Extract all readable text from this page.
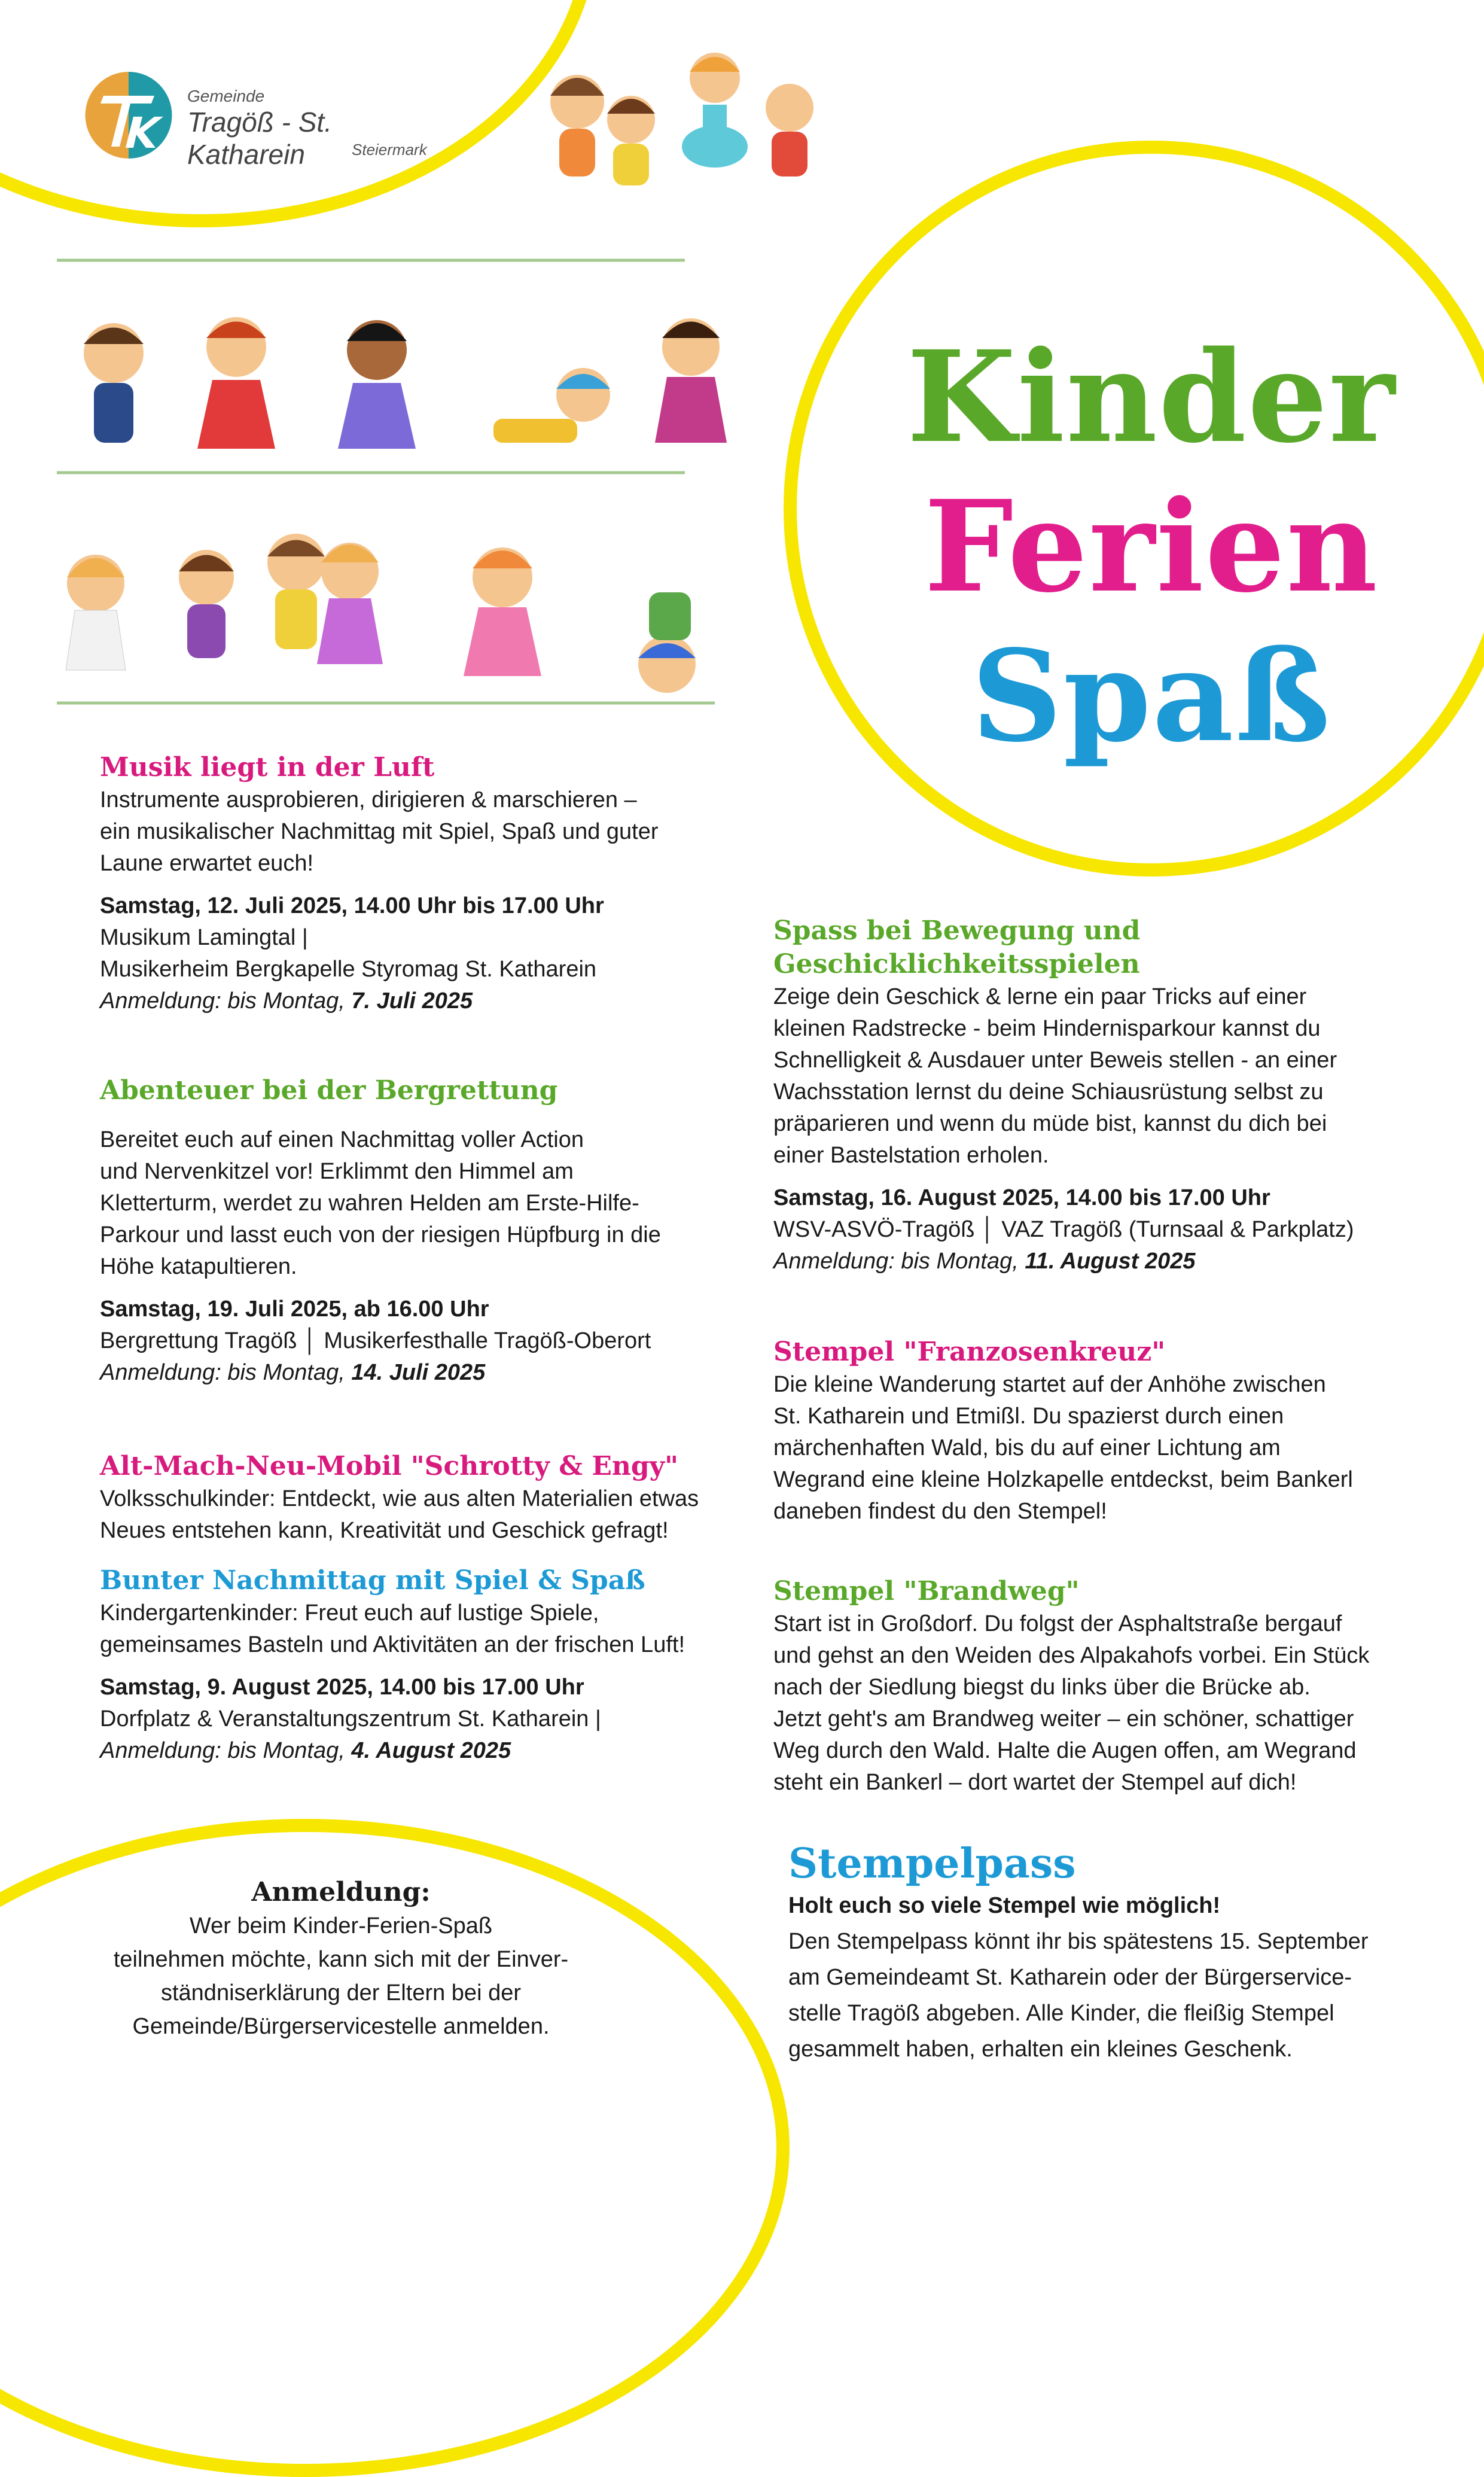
Gemeinde
Tragöß - St. Katharein	Steiermark
Kinder
Ferien
Spaß
Musik liegt in der Luft
Instrumente ausprobieren, dirigieren & marschieren –
ein musikalischer Nachmittag mit Spiel, Spaß und guter
Laune erwartet euch!
Samstag, 12. Juli 2025, 14.00 Uhr bis 17.00 Uhr
Musikum Lamingtal |
Musikerheim Bergkapelle Styromag St. Katharein
Anmeldung: bis Montag, 7. Juli 2025
Abenteuer bei der Bergrettung
Bereitet euch auf einen Nachmittag voller Action
und Nervenkitzel vor! Erklimmt den Himmel am
Kletterturm, werdet zu wahren Helden am Erste-Hilfe-
Parkour und lasst euch von der riesigen Hüpfburg in die
Höhe katapultieren.
Samstag, 19. Juli 2025, ab 16.00 Uhr
Bergrettung Tragöß │ Musikerfesthalle Tragöß-Oberort
Anmeldung: bis Montag, 14. Juli 2025
Alt-Mach-Neu-Mobil "Schrotty & Engy"
Volksschulkinder: Entdeckt, wie aus alten Materialien etwas
Neues entstehen kann, Kreativität und Geschick gefragt!
Bunter Nachmittag mit Spiel & Spaß
Kindergartenkinder: Freut euch auf lustige Spiele,
gemeinsames Basteln und Aktivitäten an der frischen Luft!
Samstag, 9. August 2025, 14.00 bis 17.00 Uhr
Dorfplatz & Veranstaltungszentrum St. Katharein |
Anmeldung: bis Montag, 4. August 2025
Spass bei Bewegung und
Geschicklichkeitsspielen
Zeige dein Geschick & lerne ein paar Tricks auf einer
kleinen Radstrecke - beim Hindernisparkour kannst du
Schnelligkeit & Ausdauer unter Beweis stellen - an einer
Wachsstation lernst du deine Schiausrüstung selbst zu
präparieren und wenn du müde bist, kannst du dich bei
einer Bastelstation erholen.
Samstag, 16. August 2025, 14.00 bis 17.00 Uhr
WSV-ASVÖ-Tragöß │ VAZ Tragöß (Turnsaal & Parkplatz)
Anmeldung: bis Montag, 11. August 2025
Stempel "Franzosenkreuz"
Die kleine Wanderung startet auf der Anhöhe zwischen
St. Katharein und Etmißl. Du spazierst durch einen
märchenhaften Wald, bis du auf einer Lichtung am
Wegrand eine kleine Holzkapelle entdeckst, beim Bankerl
daneben findest du den Stempel!
Stempel "Brandweg"
Start ist in Großdorf. Du folgst der Asphaltstraße bergauf
und gehst an den Weiden des Alpakahofs vorbei. Ein Stück
nach der Siedlung biegst du links über die Brücke ab.
Jetzt geht's am Brandweg weiter – ein schöner, schattiger
Weg durch den Wald. Halte die Augen offen, am Wegrand
steht ein Bankerl – dort wartet der Stempel auf dich!
Stempelpass
Holt euch so viele Stempel wie möglich!
Den Stempelpass könnt ihr bis spätestens 15. September
am Gemeindeamt St. Katharein oder der Bürgerservice-
stelle Tragöß abgeben. Alle Kinder, die fleißig Stempel
gesammelt haben, erhalten ein kleines Geschenk.
Anmeldung:
Wer beim Kinder-Ferien-Spaß
teilnehmen möchte, kann sich mit der Einver-
ständniserklärung der Eltern bei der
Gemeinde/Bürgerservicestelle anmelden.
